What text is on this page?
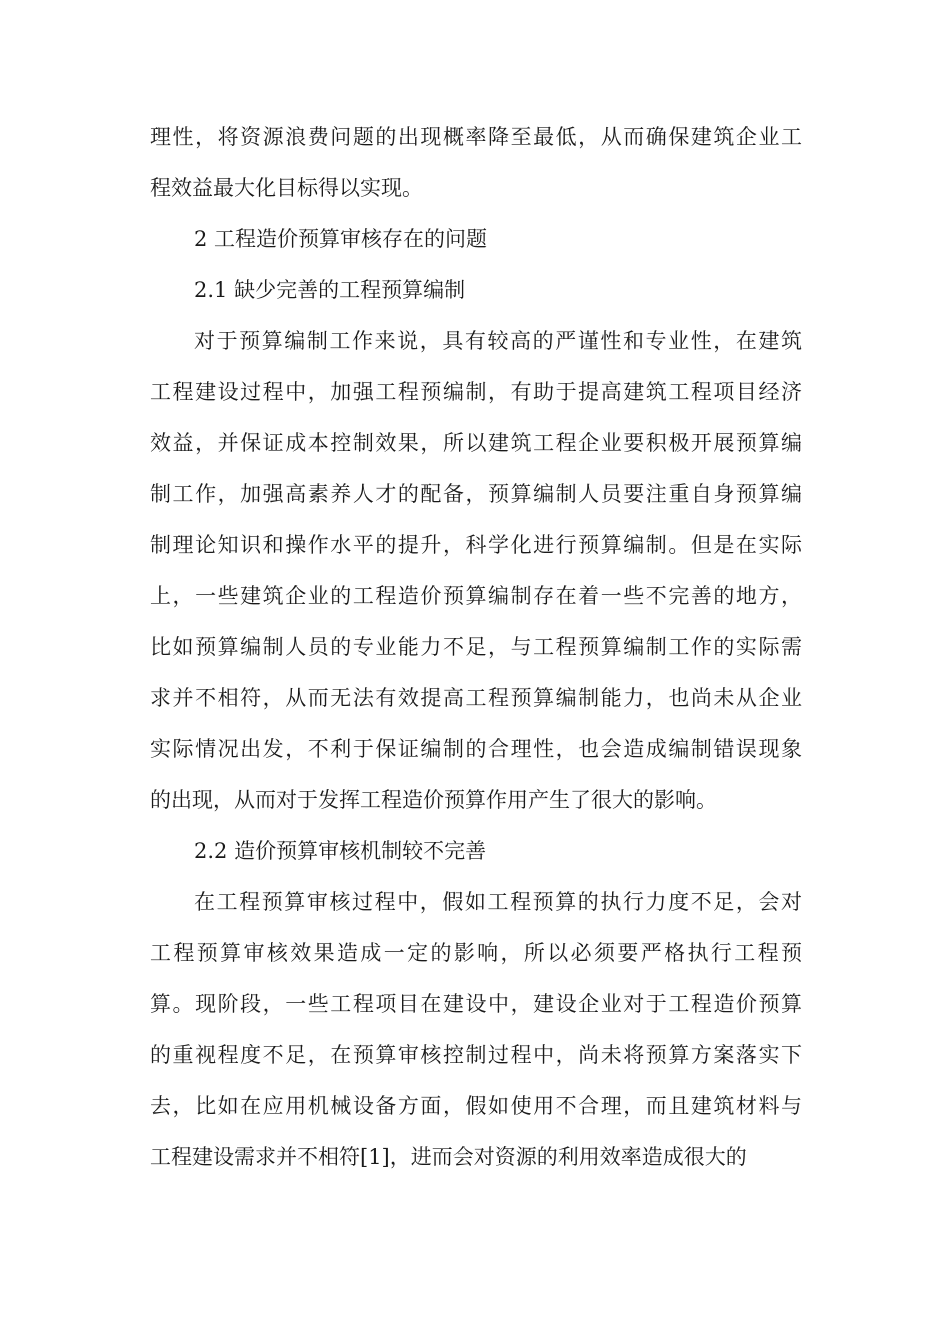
理性，将资源浪费问题的出现概率降至最低，从而确保建筑企业工
程效益最大化目标得以实现。
2 工程造价预算审核存在的问题
2.1 缺少完善的工程预算编制
对于预算编制工作来说，具有较高的严谨性和专业性，在建筑
工程建设过程中，加强工程预编制，有助于提高建筑工程项目经济
效益，并保证成本控制效果，所以建筑工程企业要积极开展预算编
制工作，加强高素养人才的配备，预算编制人员要注重自身预算编
制理论知识和操作水平的提升，科学化进行预算编制。但是在实际
上，一些建筑企业的工程造价预算编制存在着一些不完善的地方，
比如预算编制人员的专业能力不足，与工程预算编制工作的实际需
求并不相符，从而无法有效提高工程预算编制能力，也尚未从企业
实际情况出发，不利于保证编制的合理性，也会造成编制错误现象
的出现，从而对于发挥工程造价预算作用产生了很大的影响。
2.2 造价预算审核机制较不完善
在工程预算审核过程中，假如工程预算的执行力度不足，会对
工程预算审核效果造成一定的影响，所以必须要严格执行工程预
算。现阶段，一些工程项目在建设中，建设企业对于工程造价预算
的重视程度不足，在预算审核控制过程中，尚未将预算方案落实下
去，比如在应用机械设备方面，假如使用不合理，而且建筑材料与
工程建设需求并不相符[1]，进而会对资源的利用效率造成很大的
